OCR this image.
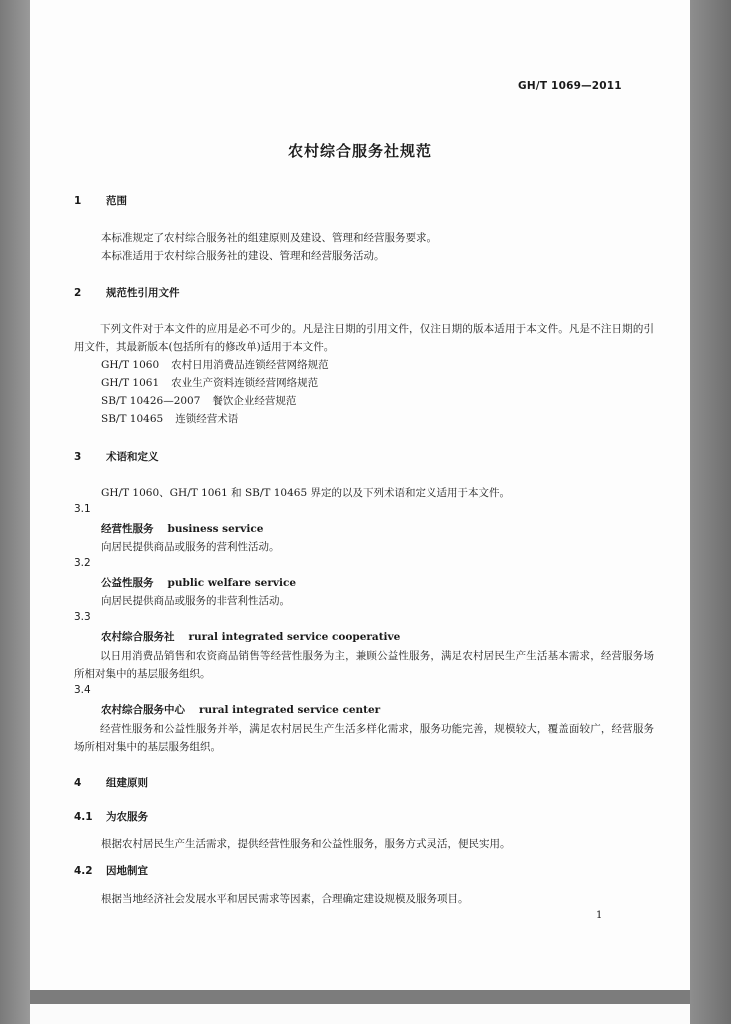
GH/T 1069—2011
农村综合服务社规范
1 范围
本标准规定了农村综合服务社的组建原则及建设、管理和经营服务要求。
本标准适用于农村综合服务社的建设、管理和经营服务活动。
2 规范性引用文件
下列文件对于本文件的应用是必不可少的。凡是注日期的引用文件，仅注日期的版本适用于本文件。凡是不注日期的引用文件，其最新版本(包括所有的修改单)适用于本文件。
GH/T 1060 农村日用消费品连锁经营网络规范
GH/T 1061 农业生产资料连锁经营网络规范
SB/T 10426—2007 餐饮企业经营规范
SB/T 10465 连锁经营术语
3 术语和定义
GH/T 1060、GH/T 1061 和 SB/T 10465 界定的以及下列术语和定义适用于本文件。
3.1
经营性服务 business service
向居民提供商品或服务的营利性活动。
3.2
公益性服务 public welfare service
向居民提供商品或服务的非营利性活动。
3.3
农村综合服务社 rural integrated service cooperative
以日用消费品销售和农资商品销售等经营性服务为主，兼顾公益性服务，满足农村居民生产生活基本需求，经营服务场所相对集中的基层服务组织。
3.4
农村综合服务中心 rural integrated service center
经营性服务和公益性服务并举，满足农村居民生产生活多样化需求，服务功能完善，规模较大，覆盖面较广，经营服务场所相对集中的基层服务组织。
4 组建原则
4.1 为农服务
根据农村居民生产生活需求，提供经营性服务和公益性服务，服务方式灵活，便民实用。
4.2 因地制宜
根据当地经济社会发展水平和居民需求等因素，合理确定建设规模及服务项目。
1
